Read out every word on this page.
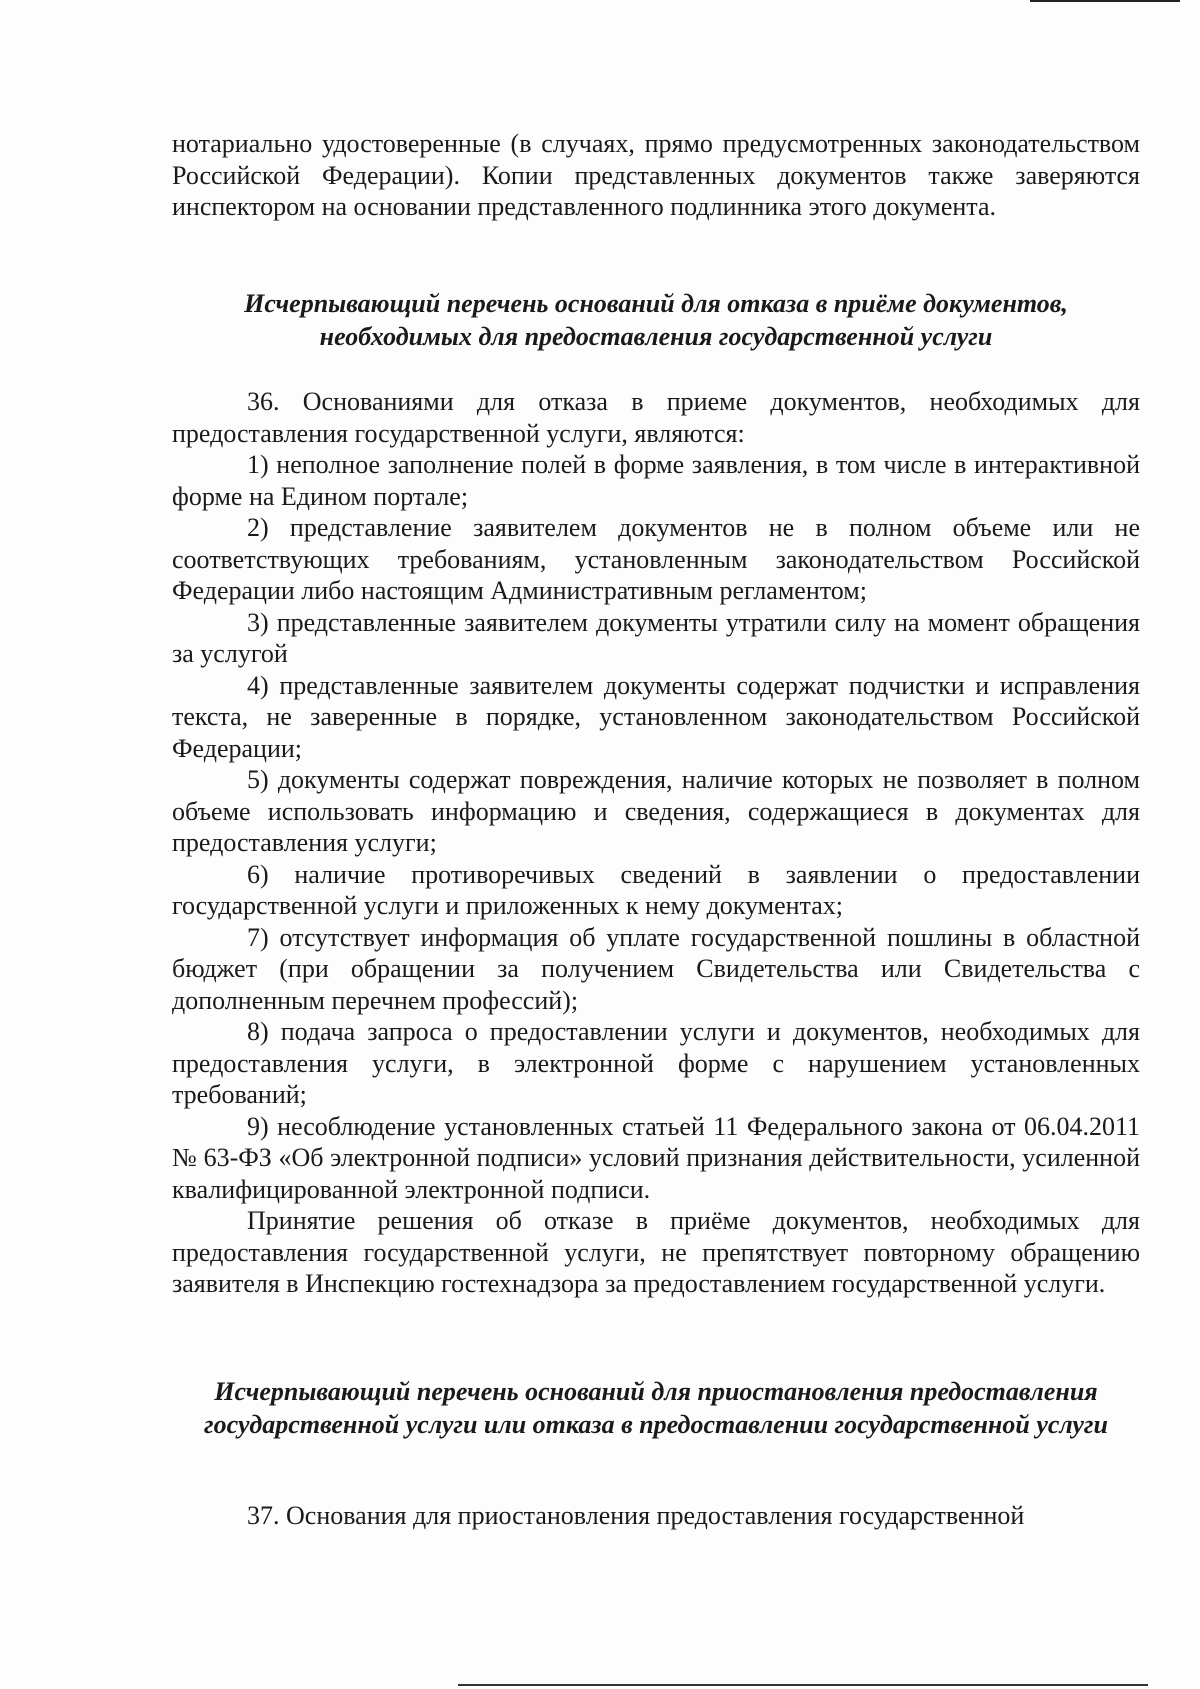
нотариально удостоверенные (в случаях, прямо предусмотренных законодательством Российской Федерации). Копии представленных документов также заверяются инспектором на основании представленного подлинника этого документа.

Исчерпывающий перечень оснований для отказа в приёме документов, необходимых для предоставления государственной услуги

36. Основаниями для отказа в приеме документов, необходимых для предоставления государственной услуги, являются:

1) неполное заполнение полей в форме заявления, в том числе в интерактивной форме на Едином портале;

2) представление заявителем документов не в полном объеме или не соответствующих требованиям, установленным законодательством Российской Федерации либо настоящим Административным регламентом;

3) представленные заявителем документы утратили силу на момент обращения за услугой

4) представленные заявителем документы содержат подчистки и исправления текста, не заверенные в порядке, установленном законодательством Российской Федерации;

5) документы содержат повреждения, наличие которых не позволяет в полном объеме использовать информацию и сведения, содержащиеся в документах для предоставления услуги;

6) наличие противоречивых сведений в заявлении о предоставлении государственной услуги и приложенных к нему документах;

7) отсутствует информация об уплате государственной пошлины в областной бюджет (при обращении за получением Свидетельства или Свидетельства с дополненным перечнем профессий);

8) подача запроса о предоставлении услуги и документов, необходимых для предоставления услуги, в электронной форме с нарушением установленных требований;

9) несоблюдение установленных статьей 11 Федерального закона от 06.04.2011 № 63-ФЗ «Об электронной подписи» условий признания действительности, усиленной квалифицированной электронной подписи.

Принятие решения об отказе в приёме документов, необходимых для предоставления государственной услуги, не препятствует повторному обращению заявителя в Инспекцию гостехнадзора за предоставлением государственной услуги.

Исчерпывающий перечень оснований для приостановления предоставления государственной услуги или отказа в предоставлении государственной услуги

37. Основания для приостановления предоставления государственной
